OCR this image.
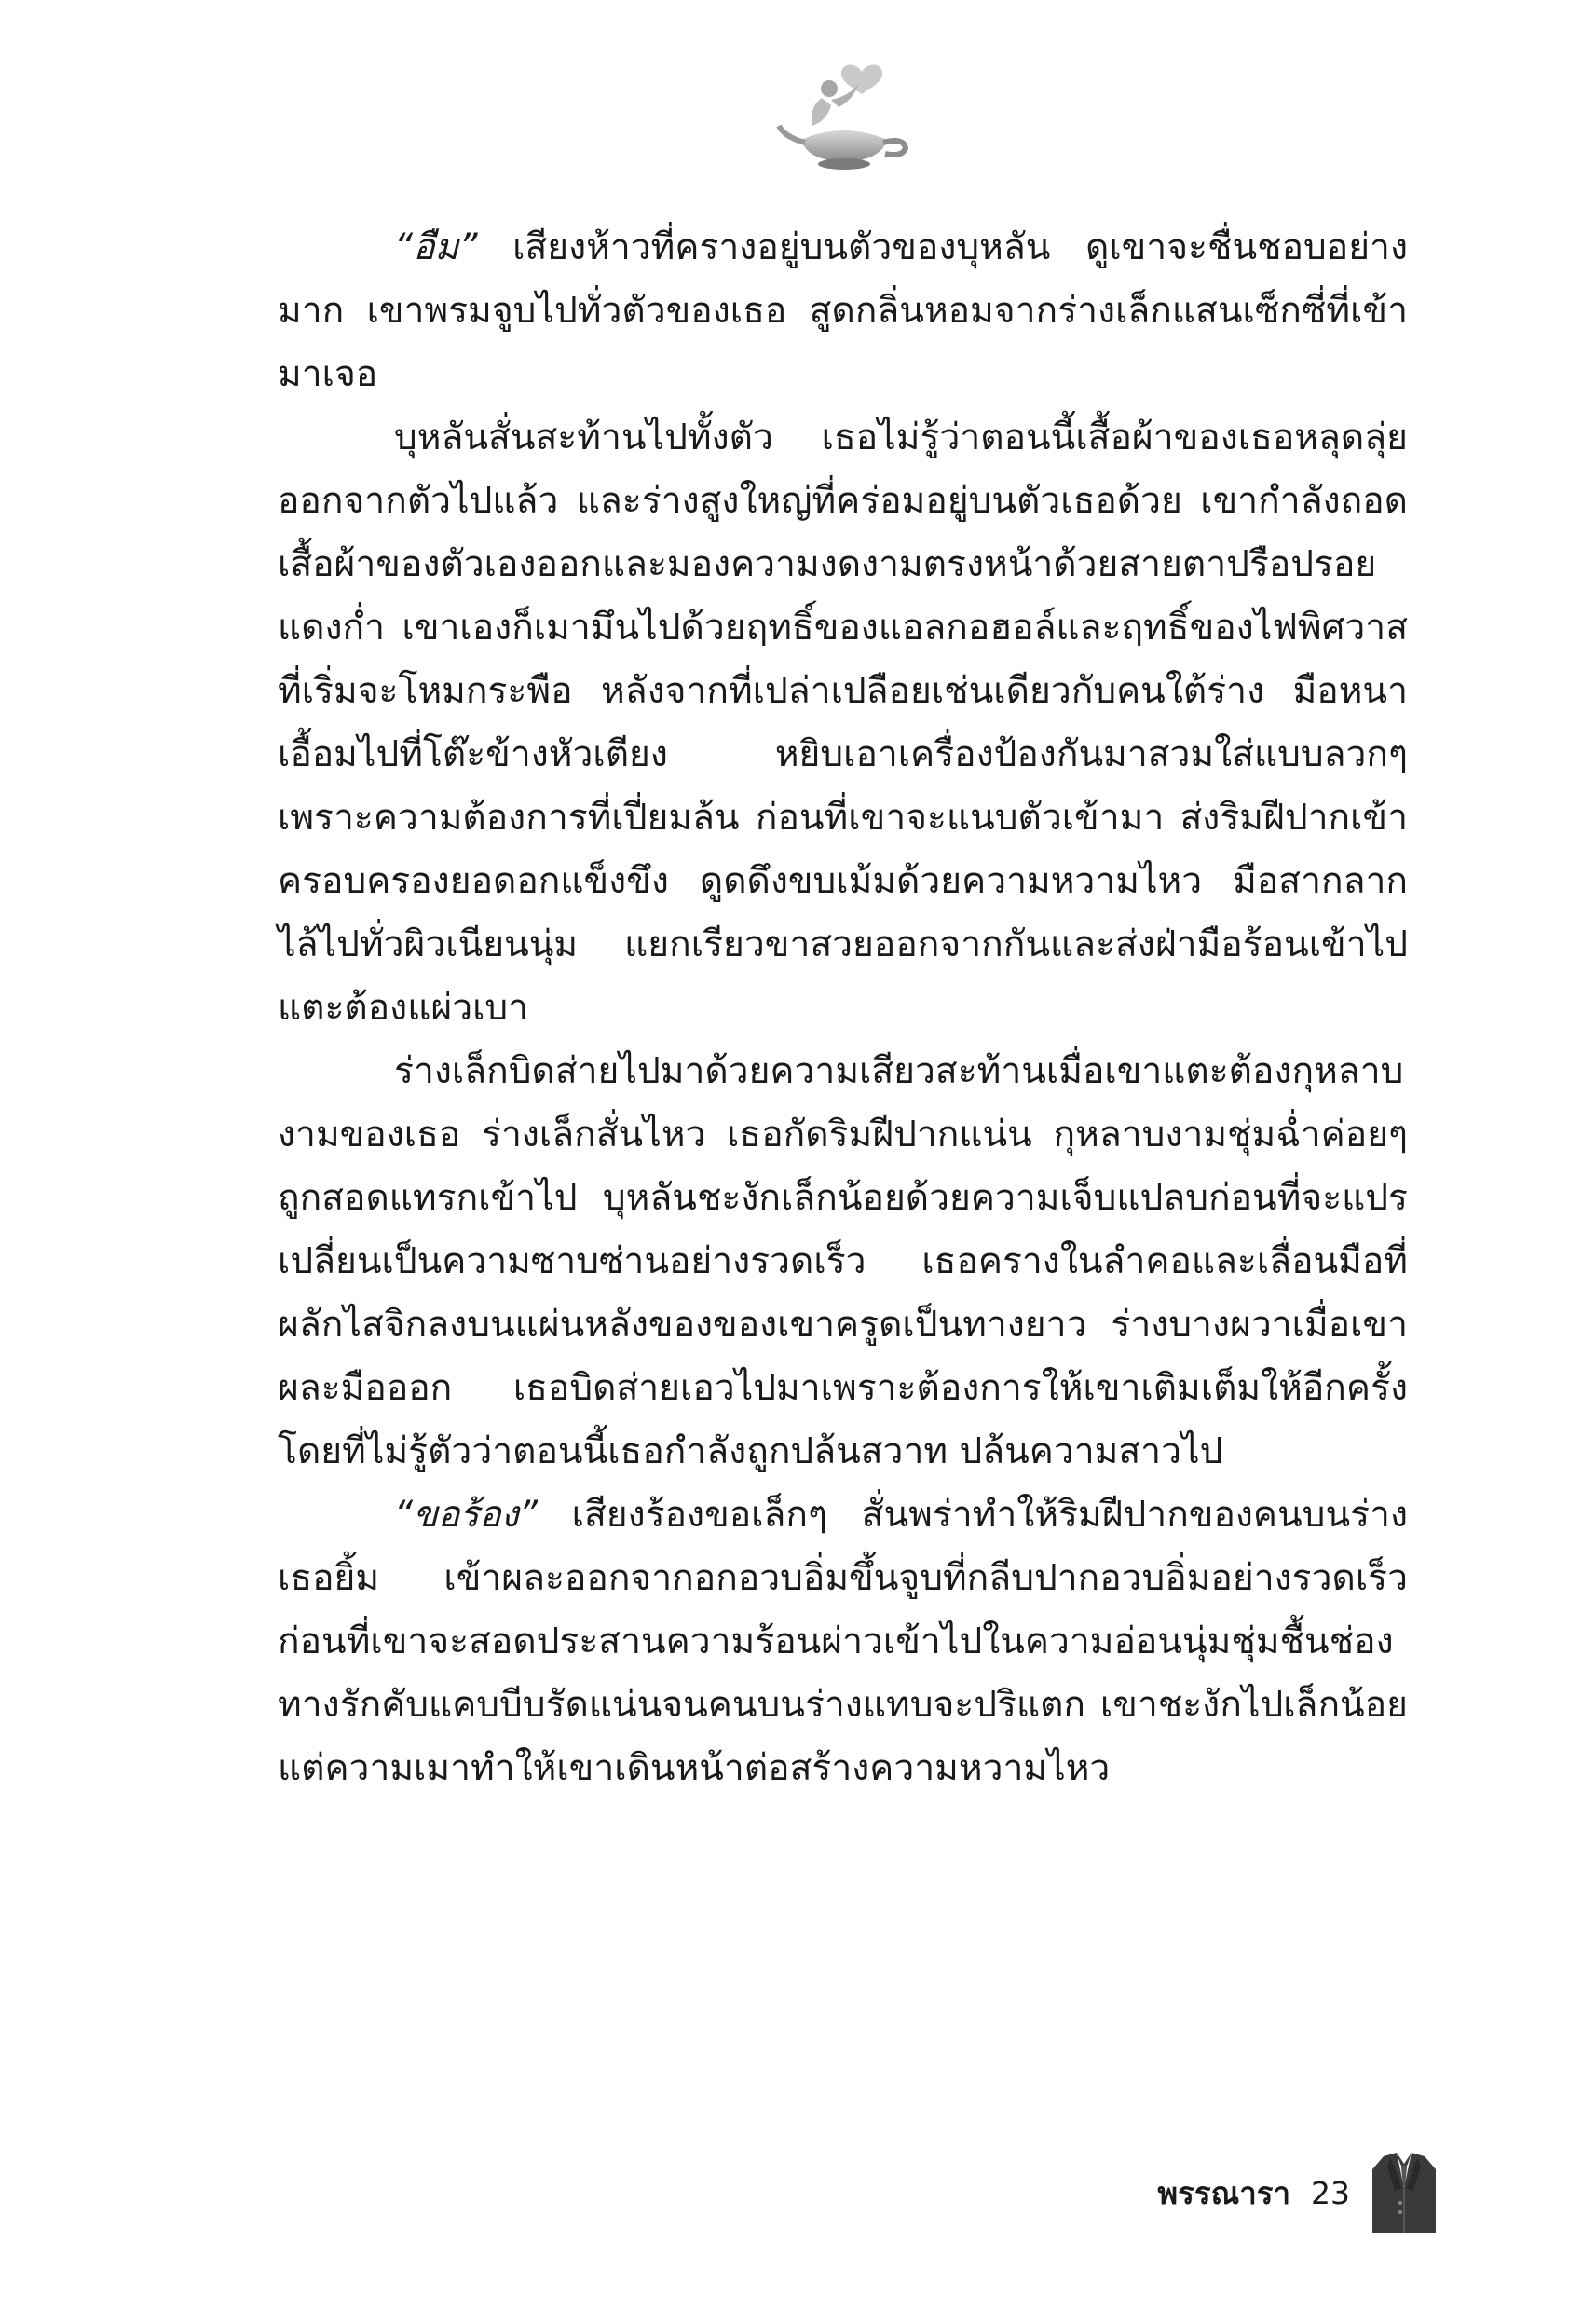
“อืม” เสียงห้าวที่ครางอยู่บนตัวของบุหลัน ดูเขาจะชื่นชอบอย่างมาก เขาพรมจูบไปทั่วตัวของเธอ สูดกลิ่นหอมจากร่างเล็กแสนเซ็กซี่ที่เข้ามาเจอ

บุหลันสั่นสะท้านไปทั้งตัว เธอไม่รู้ว่าตอนนี้เสื้อผ้าของเธอหลุดลุ่ยออกจากตัวไปแล้ว และร่างสูงใหญ่ที่คร่อมอยู่บนตัวเธอด้วย เขากำลังถอดเสื้อผ้าของตัวเองออกและมองความงดงามตรงหน้าด้วยสายตาปรือปรอยแดงก่ำ เขาเองก็เมามึนไปด้วยฤทธิ์ของแอลกอฮอล์และฤทธิ์ของไฟพิศวาสที่เริ่มจะโหมกระพือ หลังจากที่เปล่าเปลือยเช่นเดียวกับคนใต้ร่าง มือหนาเอื้อมไปที่โต๊ะข้างหัวเตียง หยิบเอาเครื่องป้องกันมาสวมใส่แบบลวกๆ เพราะความต้องการที่เปี่ยมล้น ก่อนที่เขาจะแนบตัวเข้ามา ส่งริมฝีปากเข้าครอบครองยอดอกแข็งขึง ดูดดึงขบเม้มด้วยความหวามไหว มือสากลากไล้ไปทั่วผิวเนียนนุ่ม แยกเรียวขาสวยออกจากกันและส่งฝ่ามือร้อนเข้าไปแตะต้องแผ่วเบา

ร่างเล็กบิดส่ายไปมาด้วยความเสียวสะท้านเมื่อเขาแตะต้องกุหลาบงามของเธอ ร่างเล็กสั่นไหว เธอกัดริมฝีปากแน่น กุหลาบงามชุ่มฉ่ำค่อยๆ ถูกสอดแทรกเข้าไป บุหลันชะงักเล็กน้อยด้วยความเจ็บแปลบก่อนที่จะแปรเปลี่ยนเป็นความซาบซ่านอย่างรวดเร็ว เธอครางในลำคอและเลื่อนมือที่ผลักไสจิกลงบนแผ่นหลังของของเขาครูดเป็นทางยาว ร่างบางผวาเมื่อเขาผละมือออก เธอบิดส่ายเอวไปมาเพราะต้องการให้เขาเติมเต็มให้อีกครั้งโดยที่ไม่รู้ตัวว่าตอนนี้เธอกำลังถูกปล้นสวาท ปล้นความสาวไป

“ขอร้อง” เสียงร้องขอเล็กๆ สั่นพร่าทำให้ริมฝีปากของคนบนร่างเธอยิ้ม เข้าผละออกจากอกอวบอิ่มขึ้นจูบที่กลีบปากอวบอิ่มอย่างรวดเร็วก่อนที่เขาจะสอดประสานความร้อนผ่าวเข้าไปในความอ่อนนุ่มชุ่มชื้นช่องทางรักคับแคบบีบรัดแน่นจนคนบนร่างแทบจะปริแตก เขาชะงักไปเล็กน้อย แต่ความเมาทำให้เขาเดินหน้าต่อสร้างความหวามไหว

พรรณารา 23
